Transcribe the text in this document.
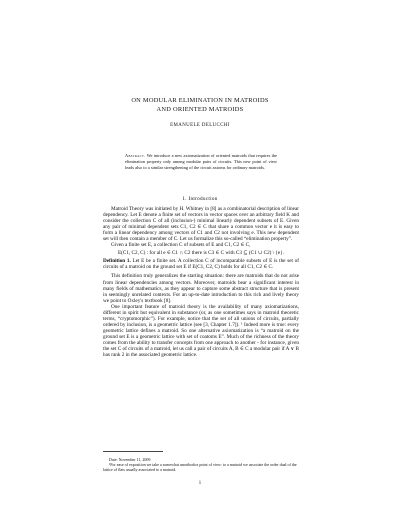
ON MODULAR ELIMINATION IN MATROIDS
AND ORIENTED MATROIDS
EMANUELE DELUCCHI
Abstract. We introduce a new axiomatization of oriented matroids that requires the elimination property only among modular pairs of circuits. This new point of view leads also to a similar strengthening of the circuit axioms for ordinary matroids.
1. Introduction

Matroid Theory was initiated by H. Whitney in [8] as a combinatorial description of linear dependency. Let E denote a finite set of vectors in vector spaces over an arbitrary field K and consider the collection C of all (inclusion-) minimal linearly dependent subsets of E. Given any pair of minimal dependent sets C1, C2 ∈ C that share a common vector e it is easy to form a linear dependency among vectors of C1 and C2 not involving e. This new dependent set will then contain a member of C. Let us formalize this so-called “elimination property”.

Given a finite set E, a collection C of subsets of E and C1, C2 ∈ C,

E(C1, C2, C) : for all e ∈ C1 ∩ C2 there is C3 ∈ C with C3 ⊆ (C1 ∪ C2) \ {e}.

Definition 1. Let E be a finite set. A collection C of incomparable subsets of E is the set of circuits of a matroid on the ground set E if E(C1, C2, C) holds for all C1, C2 ∈ C.

This definition truly generalizes the starting situation: there are matroids that do not arise from linear dependencies among vectors. Moreover, matroids bear a significant interest in many fields of mathematics, as they appear to capture some abstract structure that is present in seemingly unrelated contexts. For an up-to-date introduction to this rich and lively theory we point to Oxley's textbook [8].

One important feature of matroid theory is the availability of many axiomatizations, different in spirit but equivalent in substance (or, as one sometimes says in matroid theoretic terms, “cryptomorphic”). For example, notice that the set of all unions of circuits, partially ordered by inclusion, is a geometric lattice (see [3, Chapter 1.7]). ¹ Indeed more is true: every geometric lattice defines a matroid. So one alternative axiomatization is “a matroid on the ground set E is a geometric lattice with set of coatoms E”. Much of the richness of the theory comes from the ability to transfer concepts from one approach to another - for instance, given the set C of circuits of a matroid, let us call a pair of circuits A, B ∈ C a modular pair if A ∨ B has rank 2 in the associated geometric lattice.

Date: November 11, 2009.

¹For ease of exposition we take a somewhat unorthodox point of view: to a matroid we associate the order dual of the lattice of flats usually associated to a matroid.

1
